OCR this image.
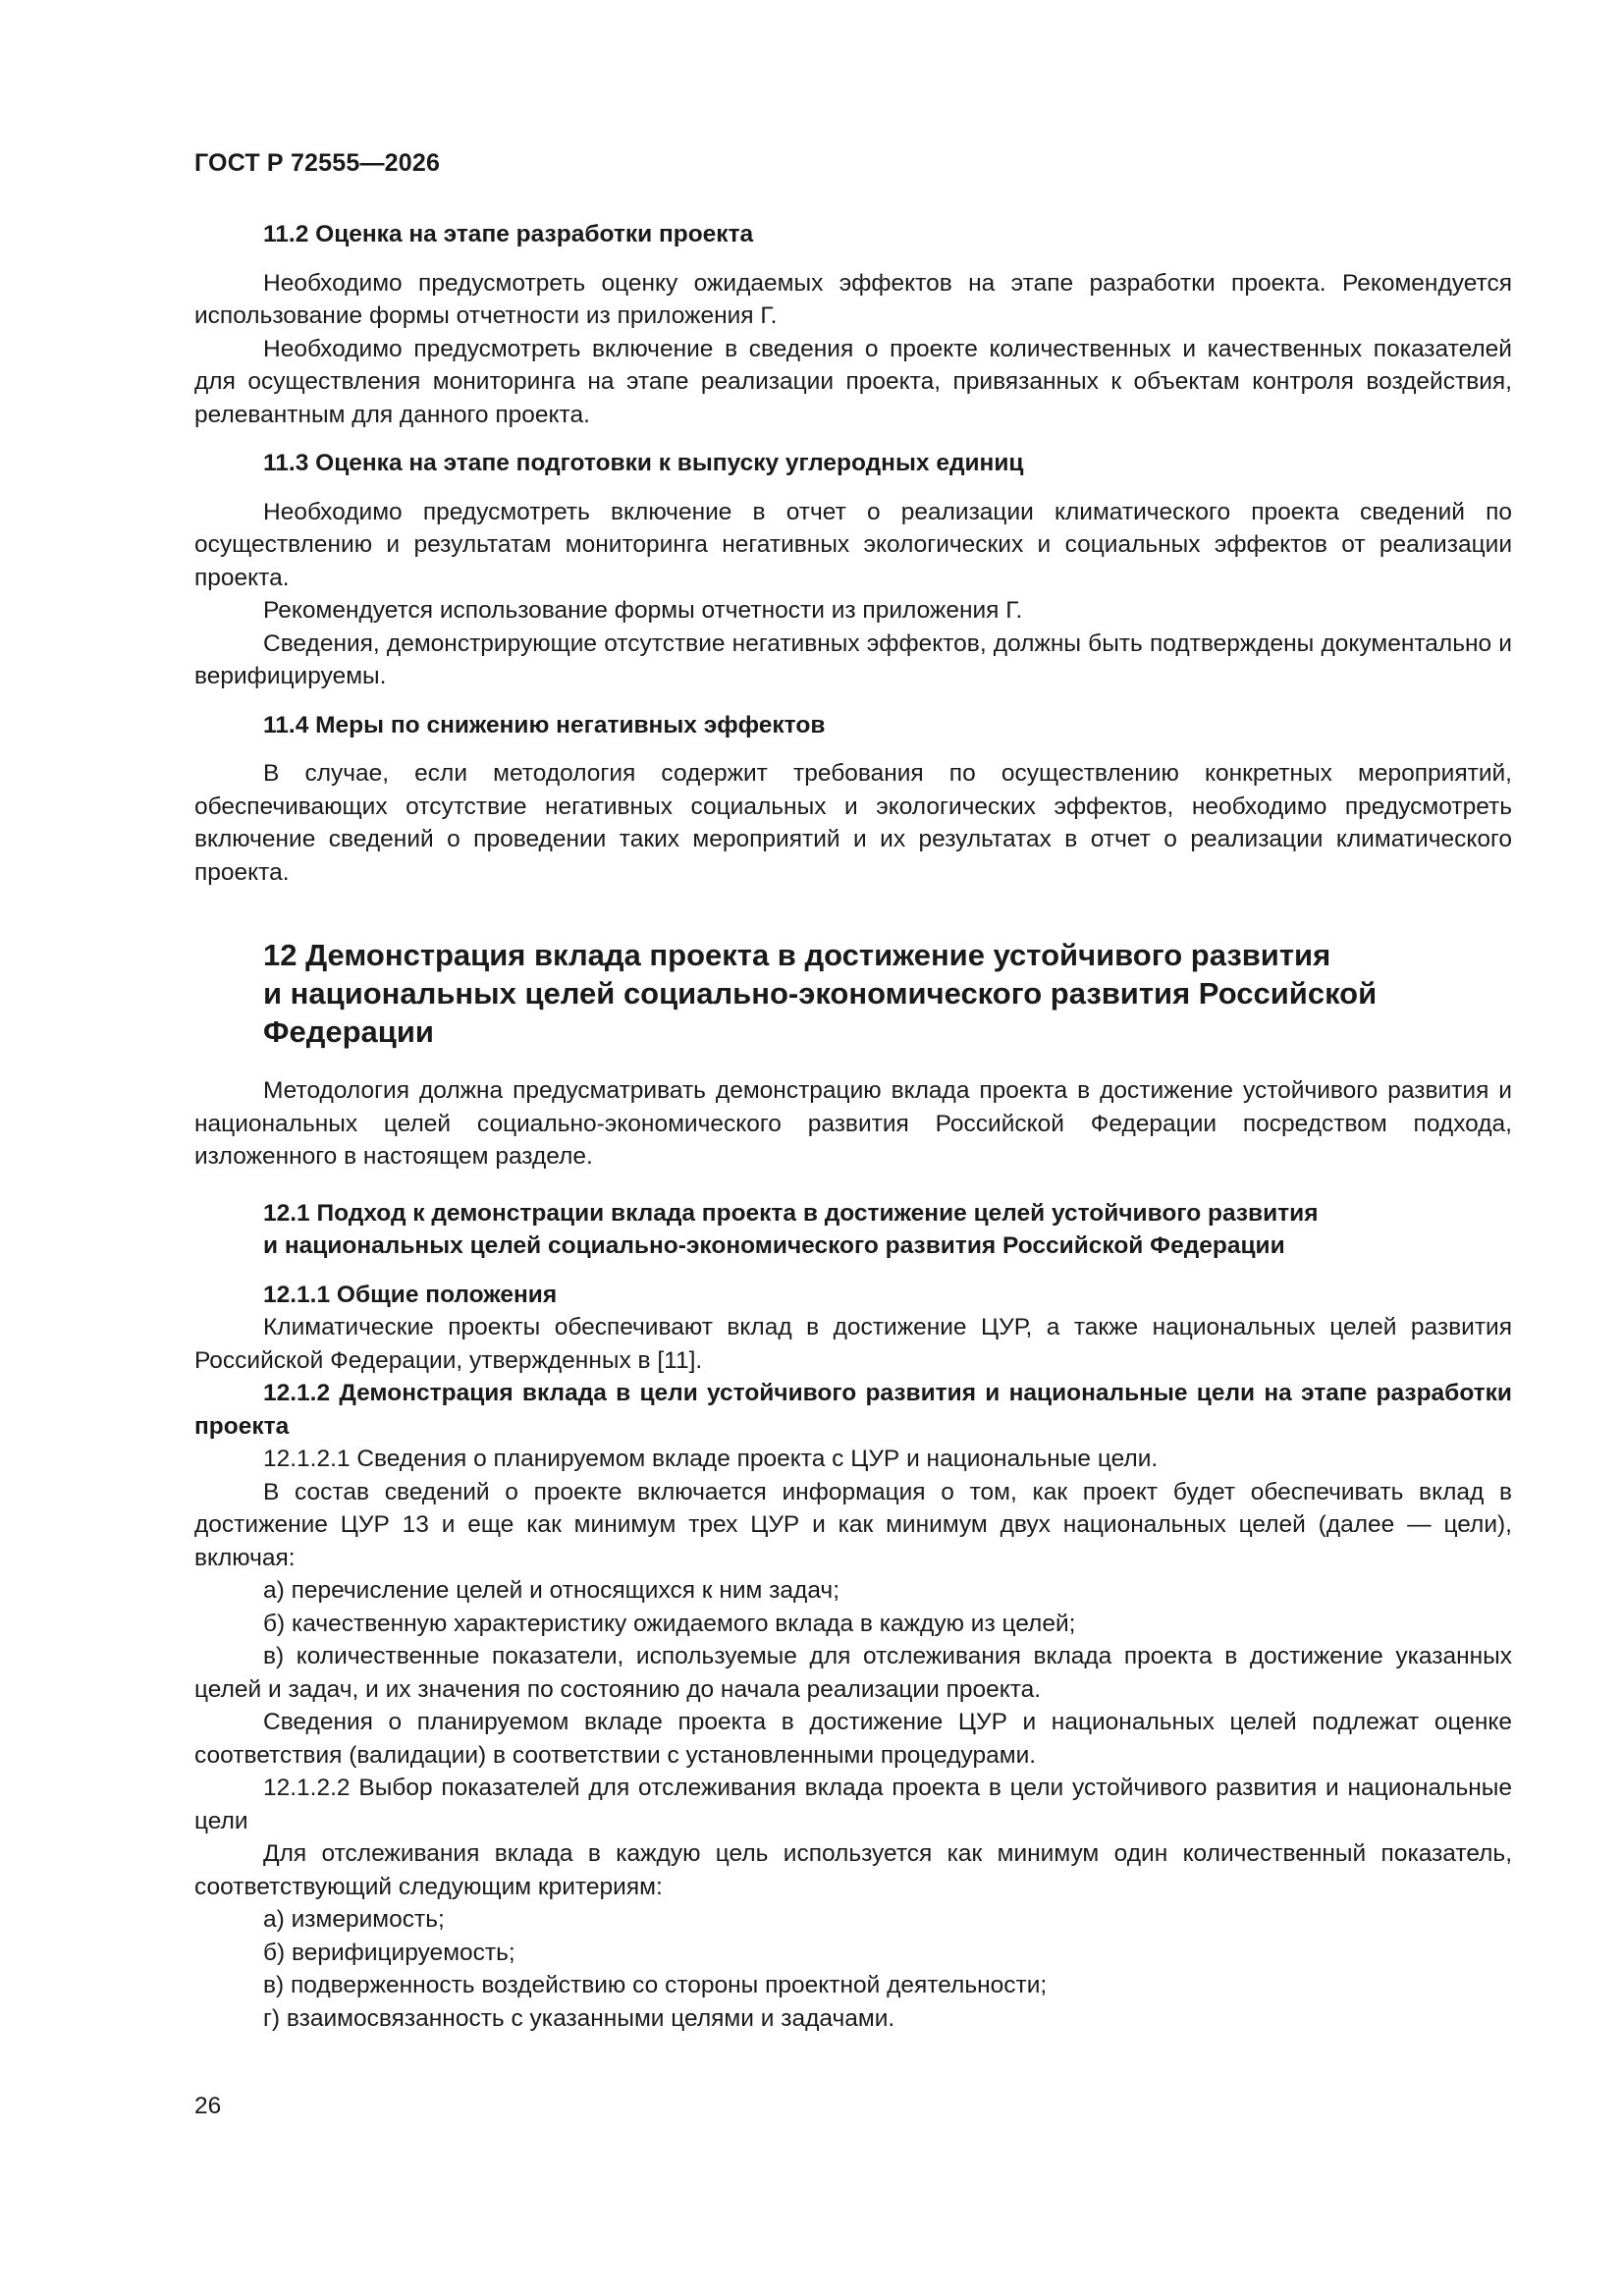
ГОСТ Р 72555—2026

11.2 Оценка на этапе разработки проекта

Необходимо предусмотреть оценку ожидаемых эффектов на этапе разработки проекта. Рекомендуется использование формы отчетности из приложения Г.

Необходимо предусмотреть включение в сведения о проекте количественных и качественных показателей для осуществления мониторинга на этапе реализации проекта, привязанных к объектам контроля воздействия, релевантным для данного проекта.

11.3 Оценка на этапе подготовки к выпуску углеродных единиц

Необходимо предусмотреть включение в отчет о реализации климатического проекта сведений по осуществлению и результатам мониторинга негативных экологических и социальных эффектов от реализации проекта.

Рекомендуется использование формы отчетности из приложения Г.

Сведения, демонстрирующие отсутствие негативных эффектов, должны быть подтверждены документально и верифицируемы.

11.4 Меры по снижению негативных эффектов

В случае, если методология содержит требования по осуществлению конкретных мероприятий, обеспечивающих отсутствие негативных социальных и экологических эффектов, необходимо предусмотреть включение сведений о проведении таких мероприятий и их результатах в отчет о реализации климатического проекта.

12 Демонстрация вклада проекта в достижение устойчивого развития
и национальных целей социально-экономического развития Российской
Федерации

Методология должна предусматривать демонстрацию вклада проекта в достижение устойчивого развития и национальных целей социально-экономического развития Российской Федерации посредством подхода, изложенного в настоящем разделе.

12.1 Подход к демонстрации вклада проекта в достижение целей устойчивого развития
и национальных целей социально-экономического развития Российской Федерации

12.1.1 Общие положения

Климатические проекты обеспечивают вклад в достижение ЦУР, а также национальных целей развития Российской Федерации, утвержденных в [11].

12.1.2 Демонстрация вклада в цели устойчивого развития и национальные цели на этапе разработки проекта

12.1.2.1 Сведения о планируемом вкладе проекта с ЦУР и национальные цели.

В состав сведений о проекте включается информация о том, как проект будет обеспечивать вклад в достижение ЦУР 13 и еще как минимум трех ЦУР и как минимум двух национальных целей (далее — цели), включая:

а) перечисление целей и относящихся к ним задач;

б) качественную характеристику ожидаемого вклада в каждую из целей;

в) количественные показатели, используемые для отслеживания вклада проекта в достижение указанных целей и задач, и их значения по состоянию до начала реализации проекта.

Сведения о планируемом вкладе проекта в достижение ЦУР и национальных целей подлежат оценке соответствия (валидации) в соответствии с установленными процедурами.

12.1.2.2 Выбор показателей для отслеживания вклада проекта в цели устойчивого развития и национальные цели

Для отслеживания вклада в каждую цель используется как минимум один количественный показатель, соответствующий следующим критериям:

а) измеримость;

б) верифицируемость;

в) подверженность воздействию со стороны проектной деятельности;

г) взаимосвязанность с указанными целями и задачами.

26
